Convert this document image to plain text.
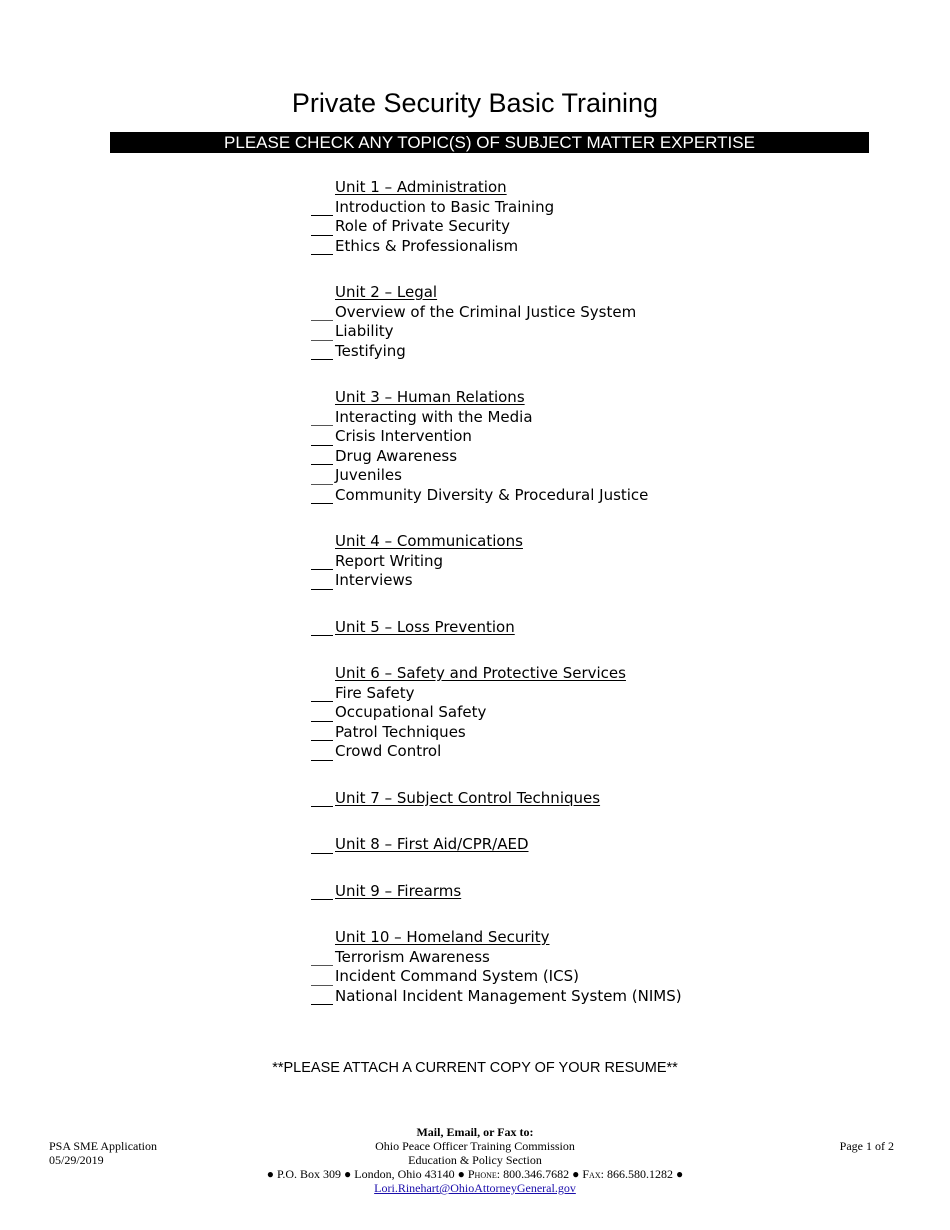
Private Security Basic Training
PLEASE CHECK ANY TOPIC(S) OF SUBJECT MATTER EXPERTISE
Unit 1 – Administration
Introduction to Basic Training
Role of Private Security
Ethics & Professionalism
Unit 2 – Legal
Overview of the Criminal Justice System
Liability
Testifying
Unit 3 – Human Relations
Interacting with the Media
Crisis Intervention
Drug Awareness
Juveniles
Community Diversity & Procedural Justice
Unit 4 – Communications
Report Writing
Interviews
Unit 5 – Loss Prevention
Unit 6 – Safety and Protective Services
Fire Safety
Occupational Safety
Patrol Techniques
Crowd Control
Unit 7 – Subject Control Techniques
Unit 8 – First Aid/CPR/AED
Unit 9 – Firearms
Unit 10 – Homeland Security
Terrorism Awareness
Incident Command System (ICS)
National Incident Management System (NIMS)
**PLEASE ATTACH A CURRENT COPY OF YOUR RESUME**
PSA SME Application
05/29/2019
Mail, Email, or Fax to:
Ohio Peace Officer Training Commission
Education & Policy Section
● P.O. Box 309 ● London, Ohio 43140 ● Phone: 800.346.7682 ● Fax: 866.580.1282 ●
Lori.Rinehart@OhioAttorneyGeneral.gov
Page 1 of 2
